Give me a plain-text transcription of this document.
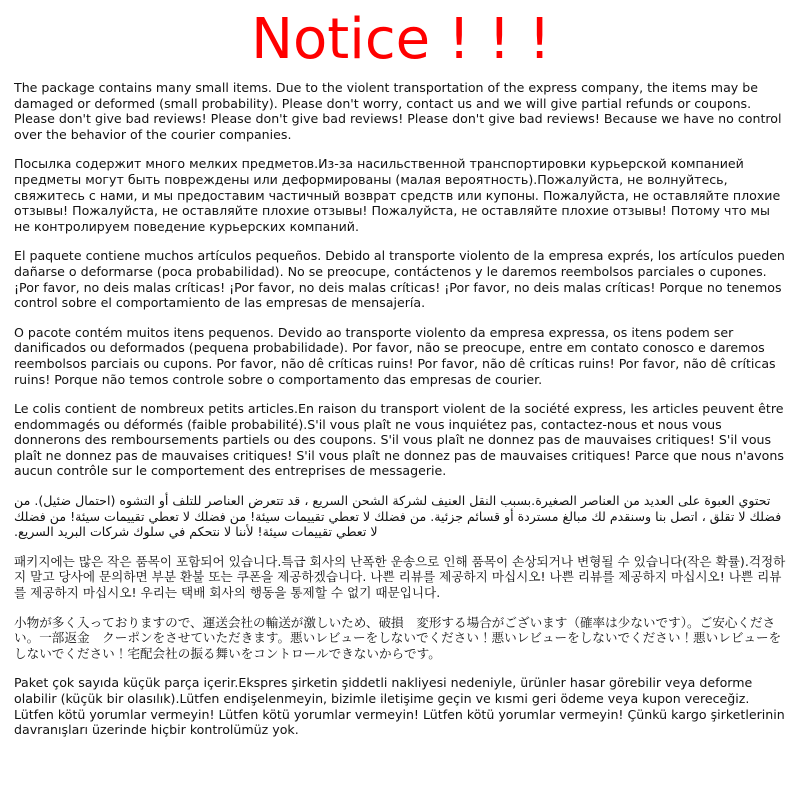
Notice ! ! !

The package contains many small items. Due to the violent transportation of the express company, the items may be damaged or deformed (small probability). Please don't worry, contact us and we will give partial refunds or coupons. Please don't give bad reviews! Please don't give bad reviews! Please don't give bad reviews! Because we have no control over the behavior of the courier companies.

Посылка содержит много мелких предметов.Из-за насильственной транспортировки курьерской компанией предметы могут быть повреждены или деформированы (малая вероятность).Пожалуйста, не волнуйтесь, свяжитесь с нами, и мы предоставим частичный возврат средств или купоны. Пожалуйста, не оставляйте плохие отзывы! Пожалуйста, не оставляйте плохие отзывы! Пожалуйста, не оставляйте плохие отзывы! Потому что мы не контролируем поведение курьерских компаний.

El paquete contiene muchos artículos pequeños. Debido al transporte violento de la empresa exprés, los artículos pueden dañarse o deformarse (poca probabilidad). No se preocupe, contáctenos y le daremos reembolsos parciales o cupones. ¡Por favor, no deis malas críticas! ¡Por favor, no deis malas críticas! ¡Por favor, no deis malas críticas! Porque no tenemos control sobre el comportamiento de las empresas de mensajería.

O pacote contém muitos itens pequenos. Devido ao transporte violento da empresa expressa, os itens podem ser danificados ou deformados (pequena probabilidade). Por favor, não se preocupe, entre em contato conosco e daremos reembolsos parciais ou cupons. Por favor, não dê críticas ruins! Por favor, não dê críticas ruins! Por favor, não dê críticas ruins! Porque não temos controle sobre o comportamento das empresas de courier.

Le colis contient de nombreux petits articles.En raison du transport violent de la société express, les articles peuvent être endommagés ou déformés (faible probabilité).S'il vous plaît ne vous inquiétez pas, contactez-nous et nous vous donnerons des remboursements partiels ou des coupons. S'il vous plaît ne donnez pas de mauvaises critiques! S'il vous plaît ne donnez pas de mauvaises critiques! S'il vous plaît ne donnez pas de mauvaises critiques! Parce que nous n'avons aucun contrôle sur le comportement des entreprises de messagerie.

تحتوي العبوة على العديد من العناصر الصغيرة.بسبب النقل العنيف لشركة الشحن السريع ، قد تتعرض العناصر للتلف أو التشوه (احتمال ضئيل). من فضلك لا تقلق ، اتصل بنا وسنقدم لك مبالغ مستردة أو قسائم جزئية. من فضلك لا تعطي تقييمات سيئة! من فضلك لا تعطي تقييمات سيئة! من فضلك لا تعطي تقييمات سيئة! لأننا لا نتحكم في سلوك شركات البريد السريع.

패키지에는 많은 작은 품목이 포함되어 있습니다.특급 회사의 난폭한 운송으로 인해 품목이 손상되거나 변형될 수 있습니다(작은 확률).걱정하지 말고 당사에 문의하면 부분 환불 또는 쿠폰을 제공하겠습니다. 나쁜 리뷰를 제공하지 마십시오! 나쁜 리뷰를 제공하지 마십시오! 나쁜 리뷰를 제공하지 마십시오! 우리는 택배 회사의 행동을 통제할 수 없기 때문입니다.

小物が多く入っておりますので、運送会社の輸送が激しいため、破損　変形する場合がございます（確率は少ないです）。ご安心ください。一部返金　クーポンをさせていただきます。悪いレビューをしないでください！悪いレビューをしないでください！悪いレビューをしないでください！宅配会社の振る舞いをコントロールできないからです。

Paket çok sayıda küçük parça içerir.Ekspres şirketin şiddetli nakliyesi nedeniyle, ürünler hasar görebilir veya deforme olabilir (küçük bir olasılık).Lütfen endişelenmeyin, bizimle iletişime geçin ve kısmi geri ödeme veya kupon vereceğiz. Lütfen kötü yorumlar vermeyin! Lütfen kötü yorumlar vermeyin! Lütfen kötü yorumlar vermeyin! Çünkü kargo şirketlerinin davranışları üzerinde hiçbir kontrolümüz yok.
